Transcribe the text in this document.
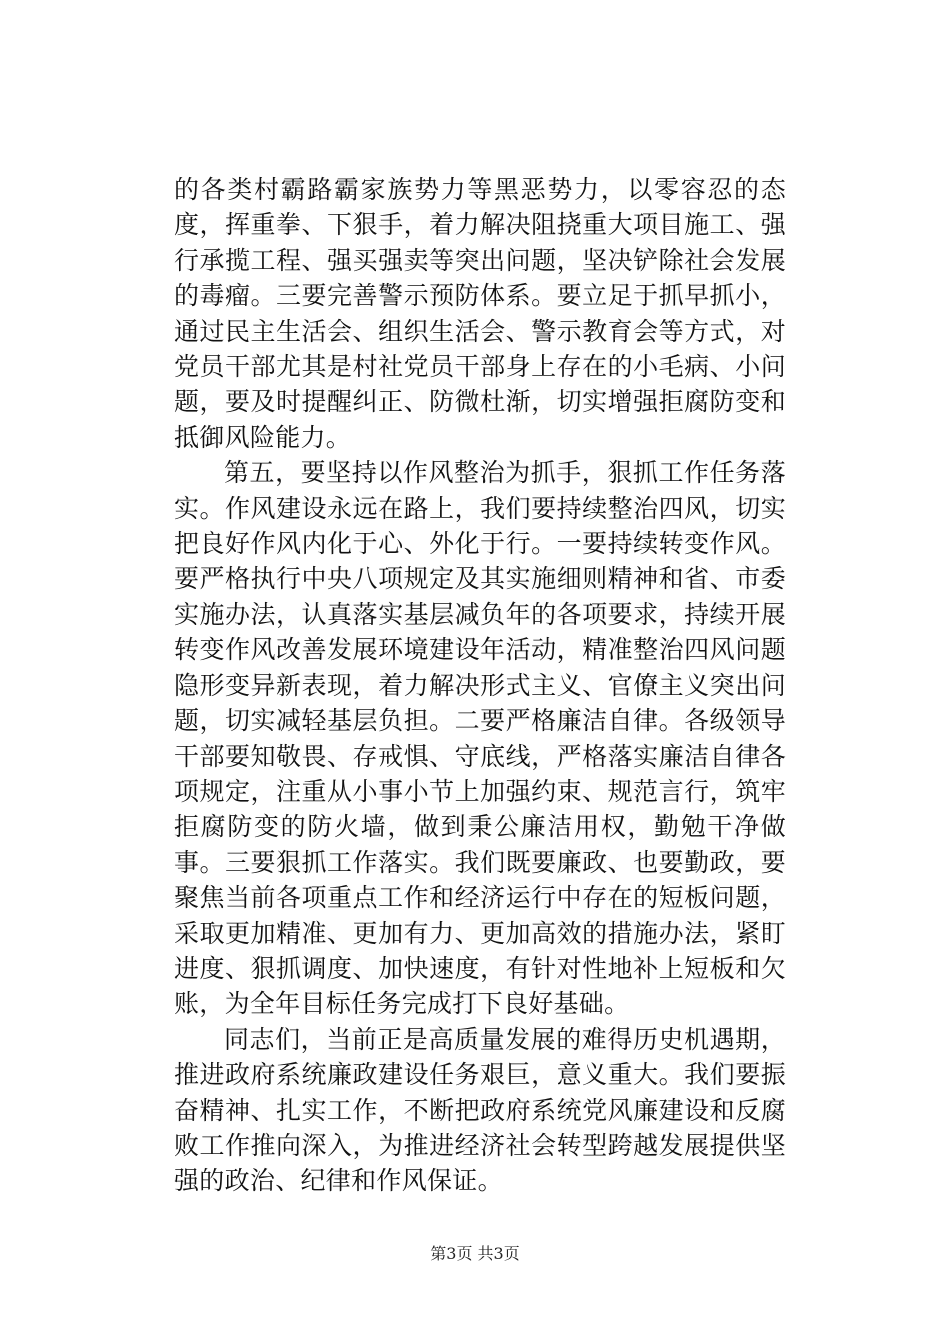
的各类村霸路霸家族势力等黑恶势力，以零容忍的态度，挥重拳、下狠手，着力解决阻挠重大项目施工、强行承揽工程、强买强卖等突出问题，坚决铲除社会发展的毒瘤。三要完善警示预防体系。要立足于抓早抓小，通过民主生活会、组织生活会、警示教育会等方式，对党员干部尤其是村社党员干部身上存在的小毛病、小问题，要及时提醒纠正、防微杜渐，切实增强拒腐防变和抵御风险能力。

第五，要坚持以作风整治为抓手，狠抓工作任务落实。作风建设永远在路上，我们要持续整治四风，切实把良好作风内化于心、外化于行。一要持续转变作风。要严格执行中央八项规定及其实施细则精神和省、市委实施办法，认真落实基层减负年的各项要求，持续开展转变作风改善发展环境建设年活动，精准整治四风问题隐形变异新表现，着力解决形式主义、官僚主义突出问题，切实减轻基层负担。二要严格廉洁自律。各级领导干部要知敬畏、存戒惧、守底线，严格落实廉洁自律各项规定，注重从小事小节上加强约束、规范言行，筑牢拒腐防变的防火墙，做到秉公廉洁用权，勤勉干净做事。三要狠抓工作落实。我们既要廉政、也要勤政，要聚焦当前各项重点工作和经济运行中存在的短板问题，采取更加精准、更加有力、更加高效的措施办法，紧盯进度、狠抓调度、加快速度，有针对性地补上短板和欠账，为全年目标任务完成打下良好基础。

同志们，当前正是高质量发展的难得历史机遇期，推进政府系统廉政建设任务艰巨，意义重大。我们要振奋精神、扎实工作，不断把政府系统党风廉建设和反腐败工作推向深入，为推进经济社会转型跨越发展提供坚强的政治、纪律和作风保证。

第3页 共3页
